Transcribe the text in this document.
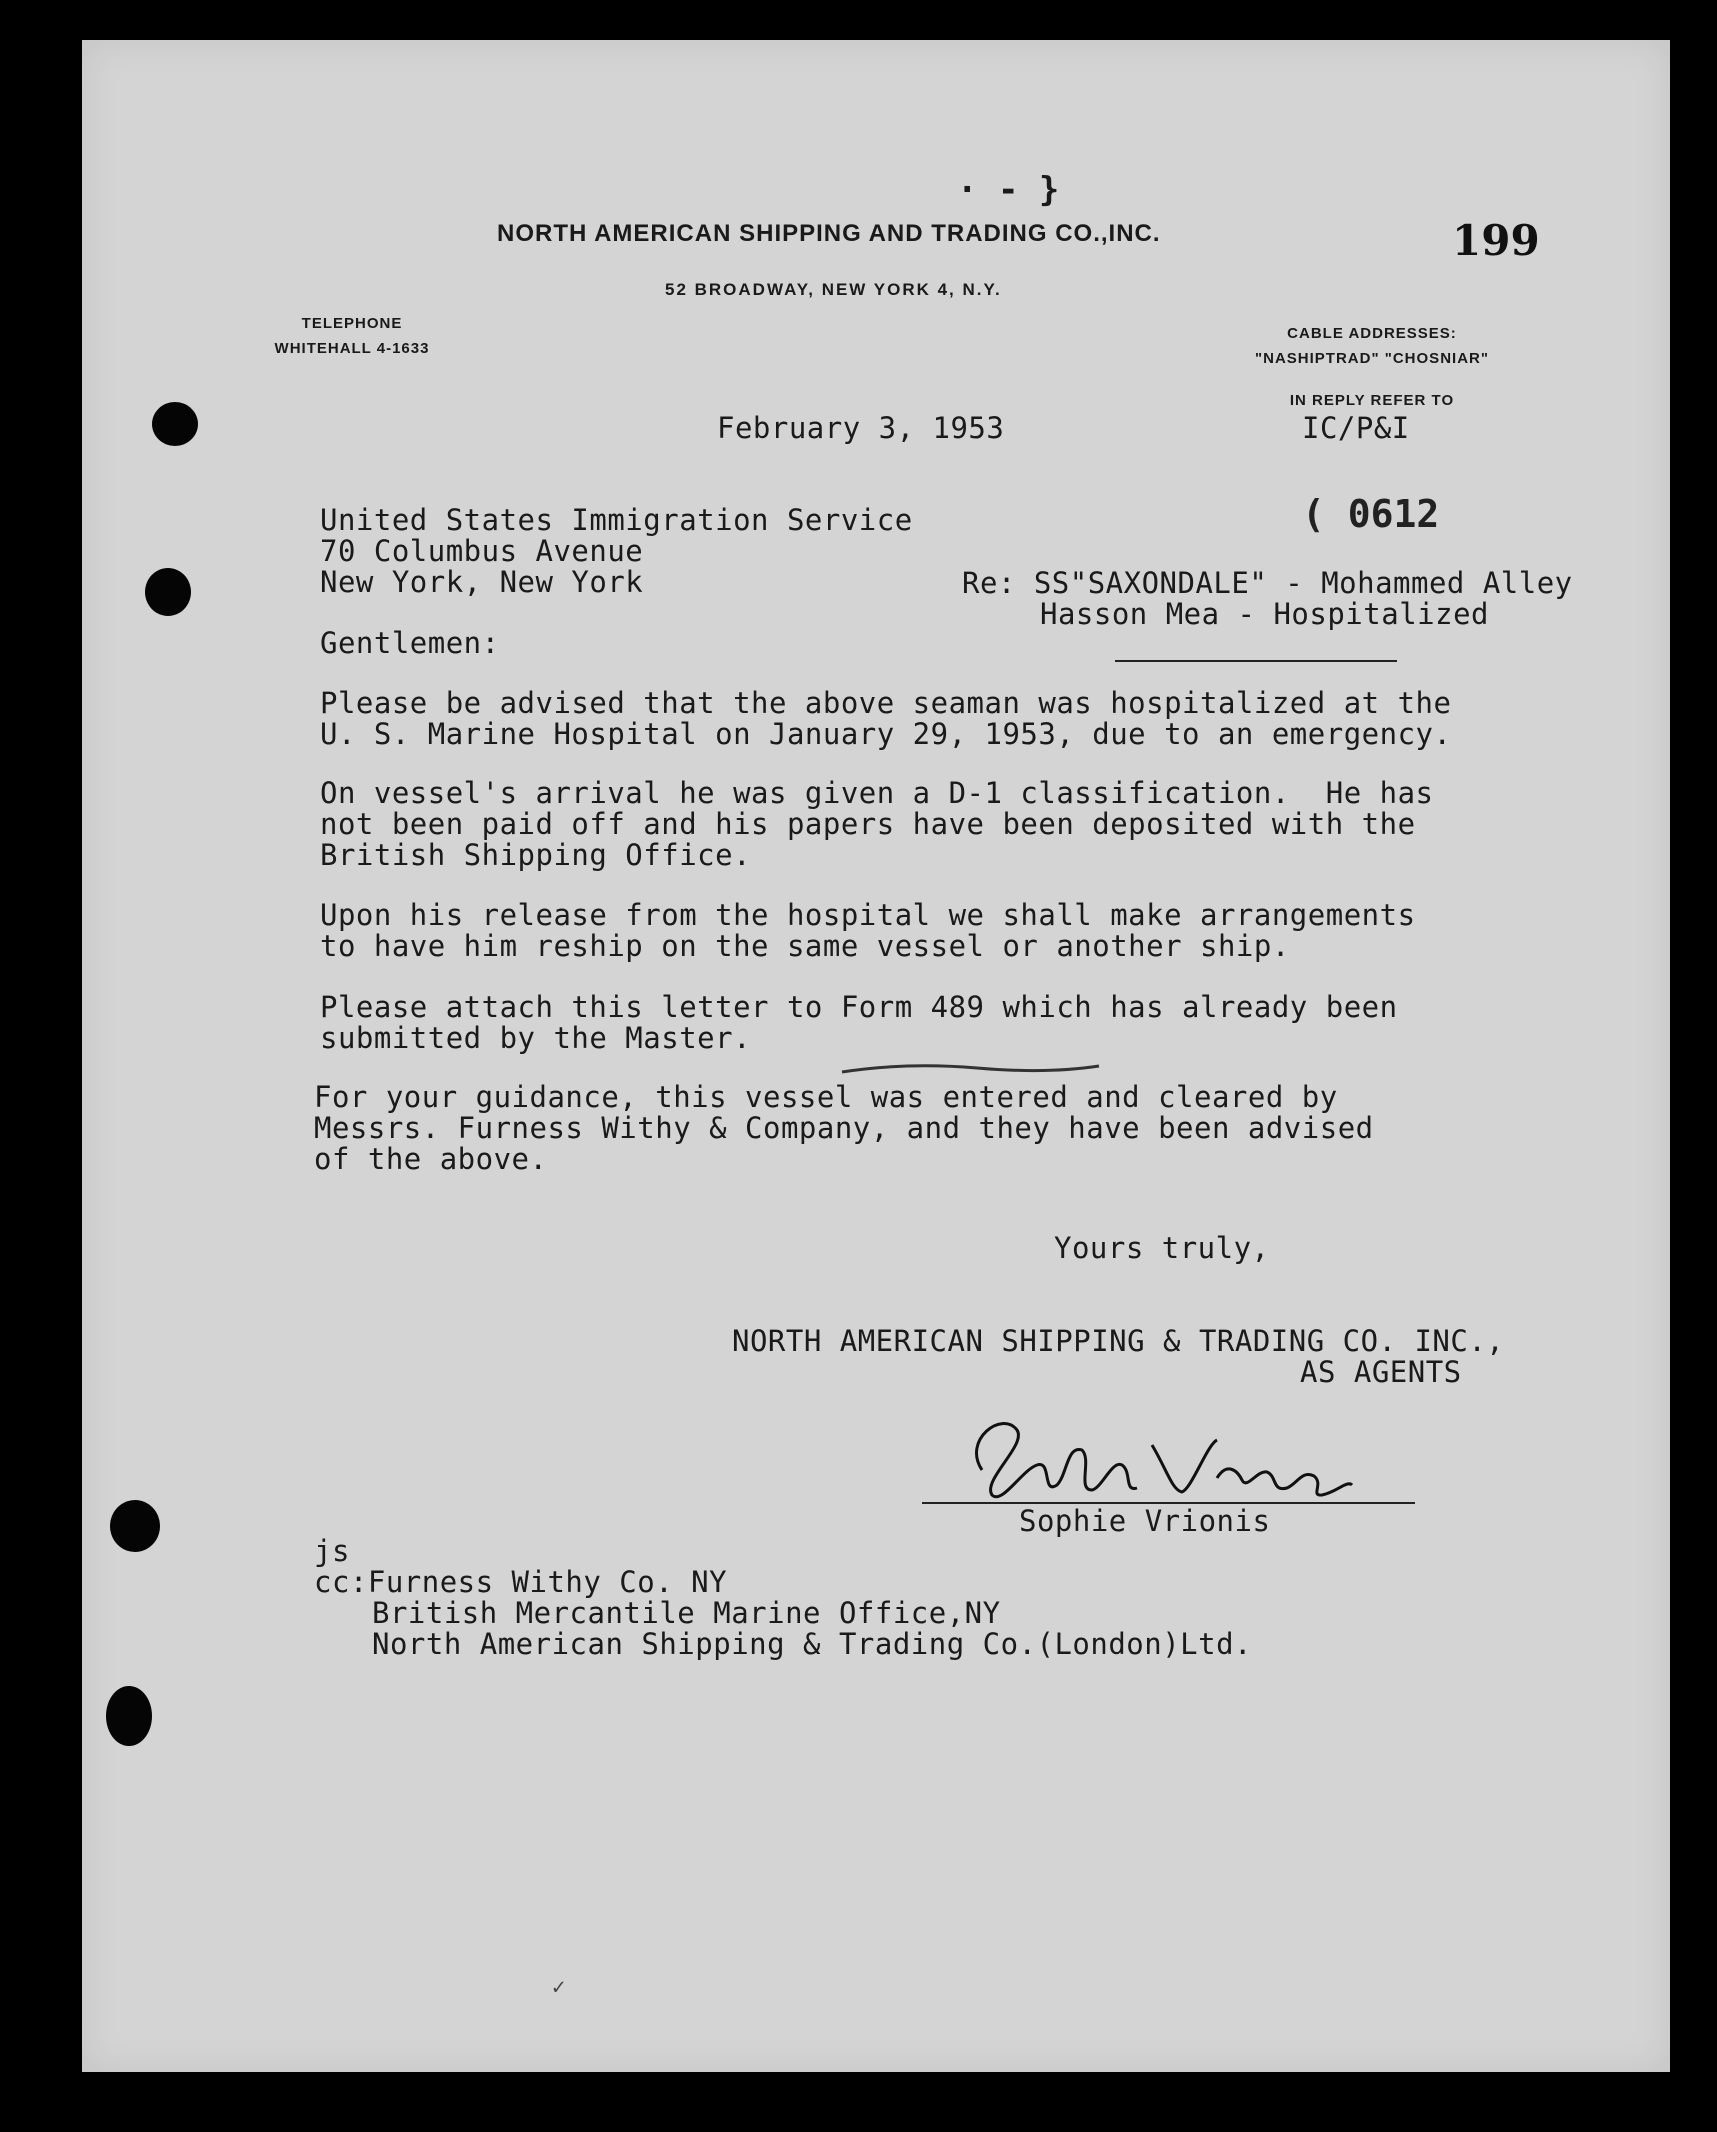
· - }
NORTH AMERICAN SHIPPING AND TRADING CO.,INC.	199
52 BROADWAY, NEW YORK 4, N.Y.
TELEPHONE
WHITEHALL 4-1633
CABLE ADDRESSES:
"NASHIPTRAD" "CHOSNIAR"
IN REPLY REFER TO
IC/P&I
February 3, 1953
( 0612
United States Immigration Service
70 Columbus Avenue
New York, New York	Re: SS"SAXONDALE" - Mohammed Alley
Hasson Mea - Hospitalized
Gentlemen:
Please be advised that the above seaman was hospitalized at the
U. S. Marine Hospital on January 29, 1953, due to an emergency.
On vessel's arrival he was given a D-1 classification.  He has
not been paid off and his papers have been deposited with the
British Shipping Office.
Upon his release from the hospital we shall make arrangements
to have him reship on the same vessel or another ship.
Please attach this letter to Form 489 which has already been
submitted by the Master.
For your guidance, this vessel was entered and cleared by
Messrs. Furness Withy & Company, and they have been advised
of the above.
Yours truly,
NORTH AMERICAN SHIPPING & TRADING CO. INC.,
AS AGENTS
Sophie Vrionis
js
cc:Furness Withy Co. NY
British Mercantile Marine Office,NY
North American Shipping & Trading Co.(London)Ltd.
✓
